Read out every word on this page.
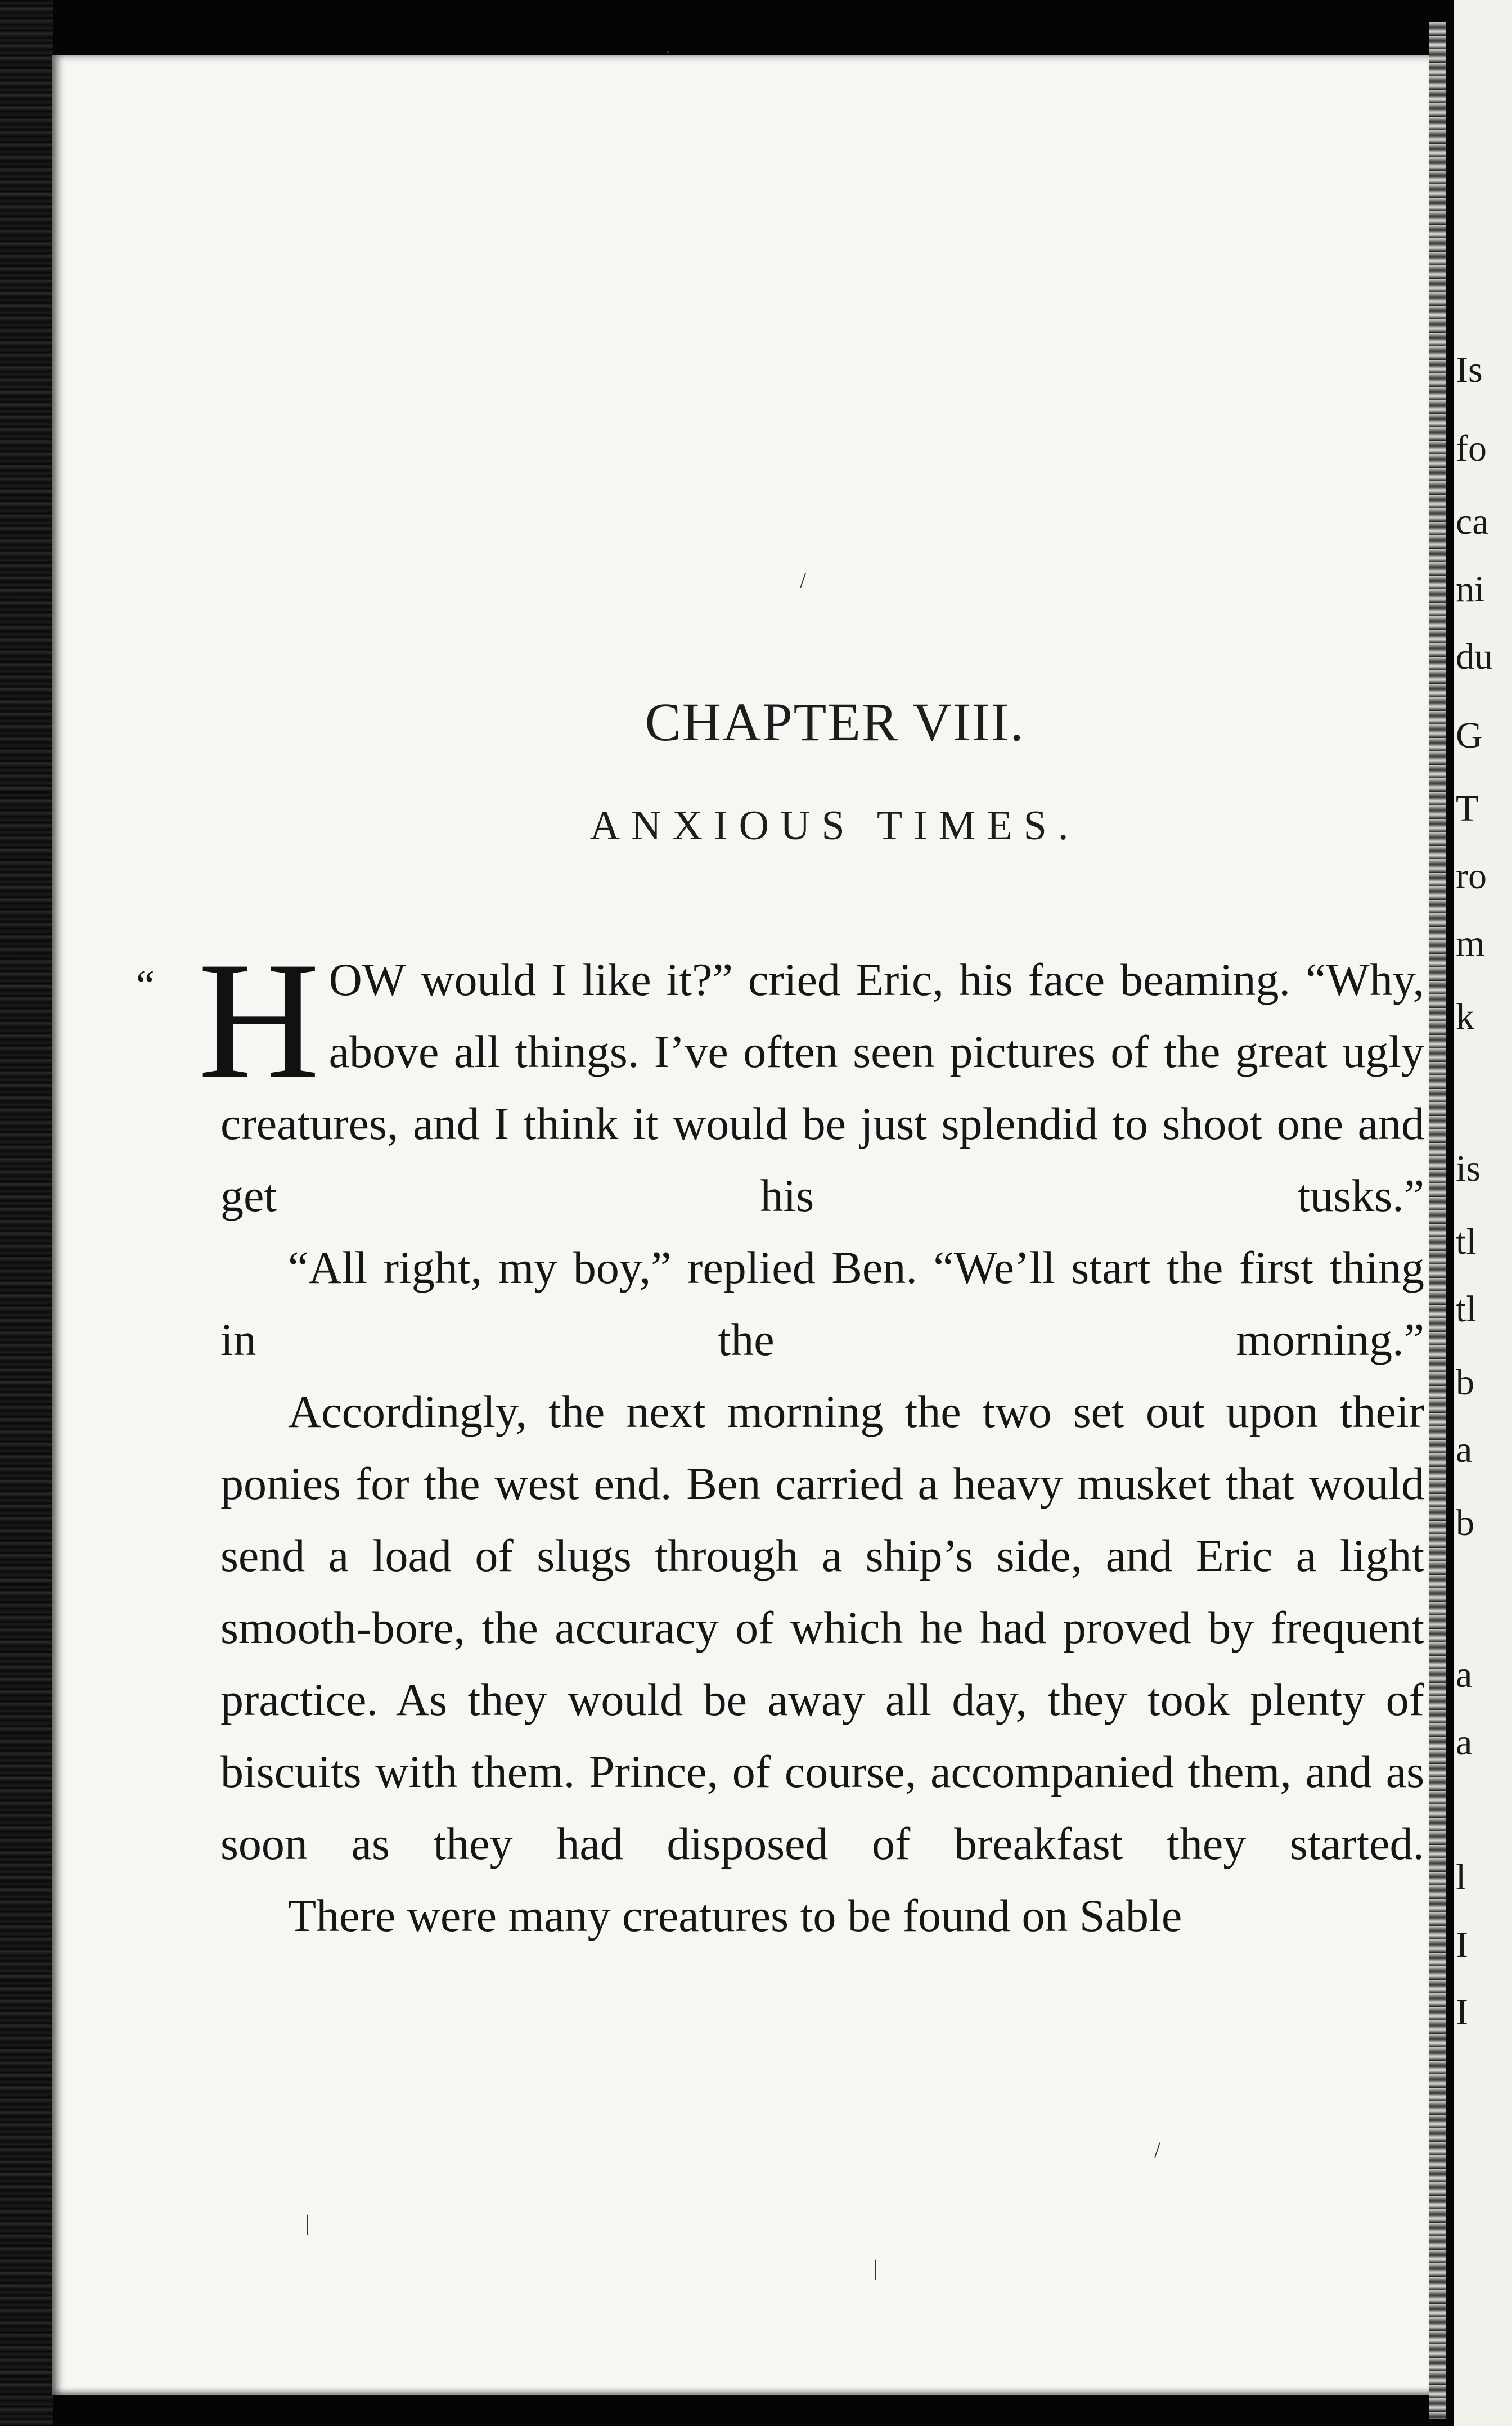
CHAPTER VIII.
ANXIOUS TIMES.
“ HOW would I like it?” cried Eric, his face beaming. “Why, above all things. I’ve often seen pictures of the great ugly creatures, and I think it would be just splendid to shoot one and get his tusks.”

“All right, my boy,” replied Ben. “We’ll start the first thing in the morning.”

Accordingly, the next morning the two set out upon their ponies for the west end. Ben carried a heavy musket that would send a load of slugs through a ship’s side, and Eric a light smooth-bore, the accuracy of which he had proved by frequent practice. As they would be away all day, they took plenty of biscuits with them. Prince, of course, accompanied them, and as soon as they had disposed of breakfast they started.

There were many creatures to be found on Sable

.
/
|
|
/
Is
fo
ca
ni
du
G
T
ro
m
k
is
tl
tl
b
a
b
a
a
l
I
I
